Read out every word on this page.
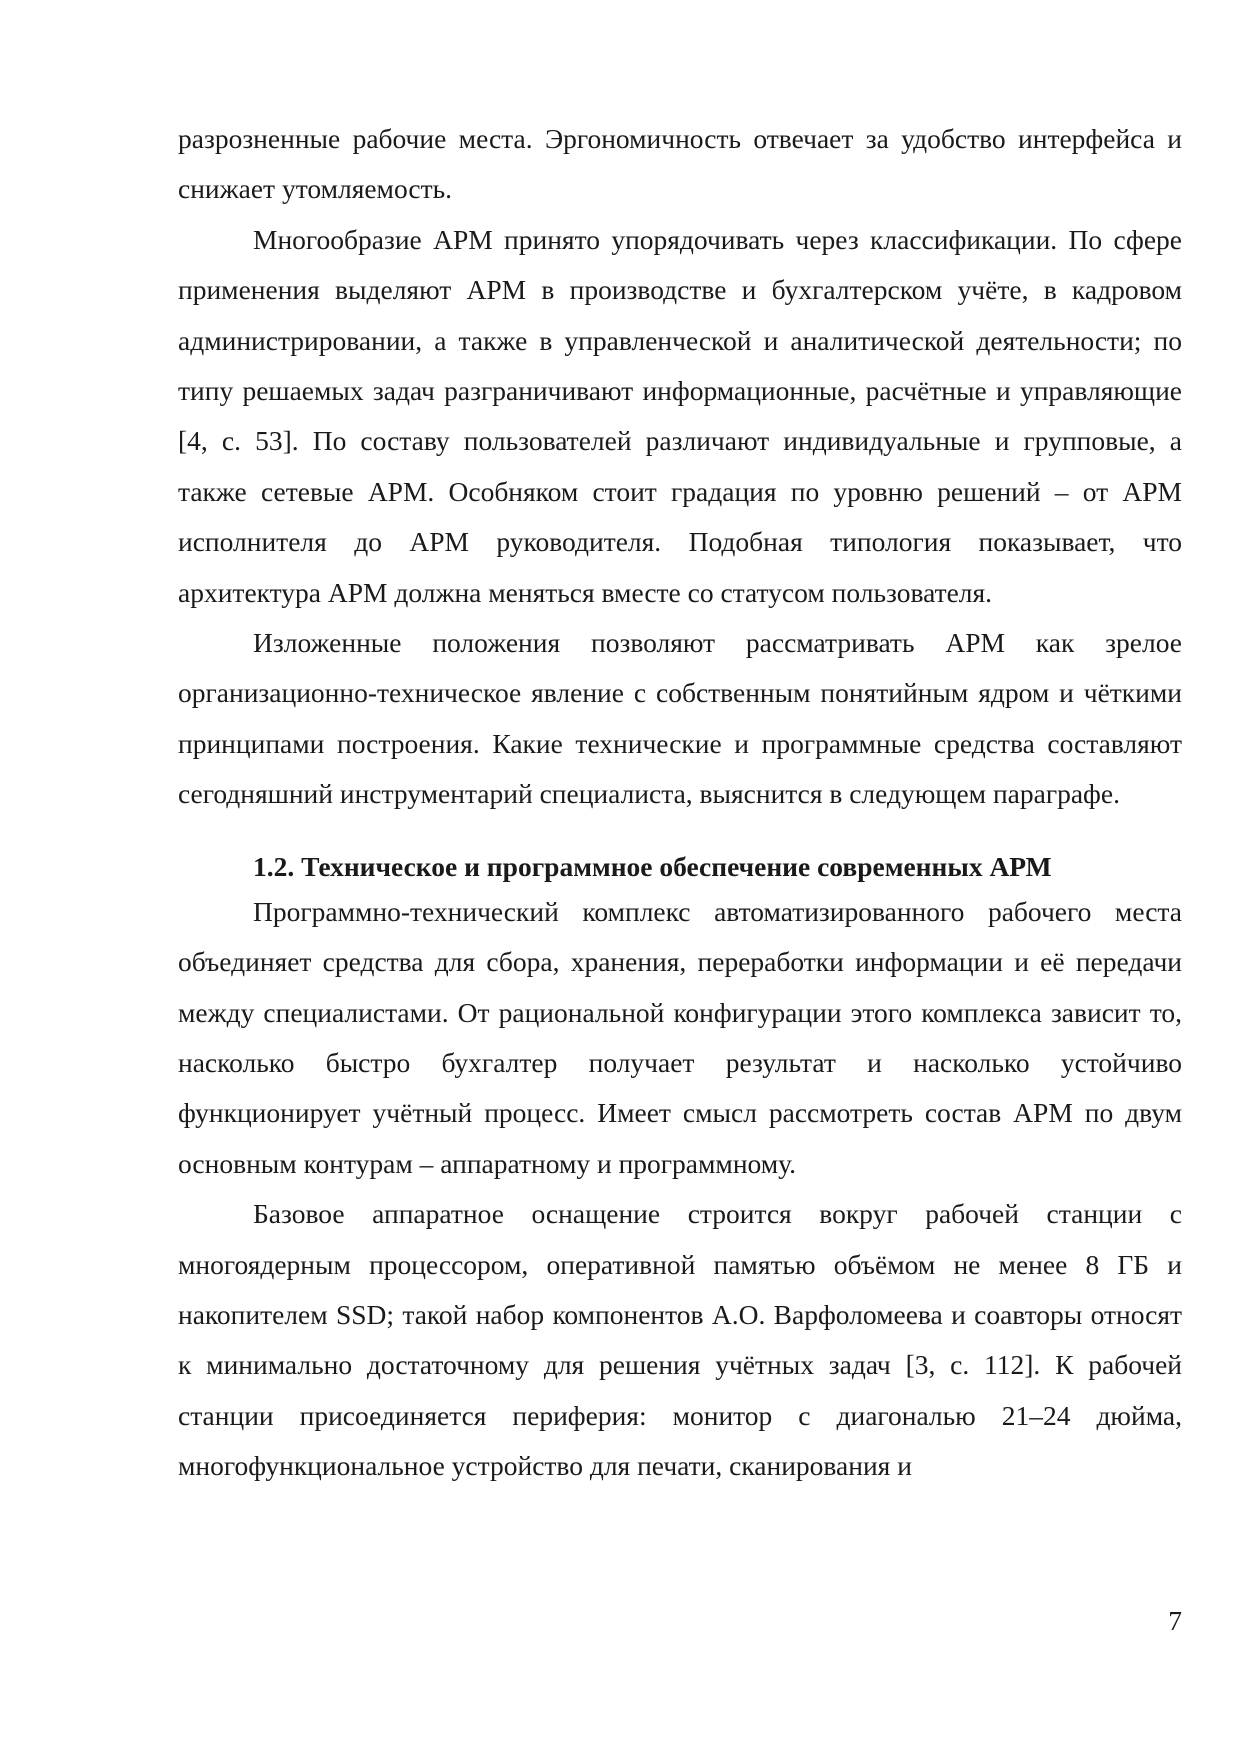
разрозненные рабочие места. Эргономичность отвечает за удобство интерфейса и снижает утомляемость.

Многообразие АРМ принято упорядочивать через классификации. По сфере применения выделяют АРМ в производстве и бухгалтерском учёте, в кадровом администрировании, а также в управленческой и аналитической деятельности; по типу решаемых задач разграничивают информационные, расчётные и управляющие [4, с. 53]. По составу пользователей различают индивидуальные и групповые, а также сетевые АРМ. Особняком стоит градация по уровню решений – от АРМ исполнителя до АРМ руководителя. Подобная типология показывает, что архитектура АРМ должна меняться вместе со статусом пользователя.

Изложенные положения позволяют рассматривать АРМ как зрелое организационно-техническое явление с собственным понятийным ядром и чёткими принципами построения. Какие технические и программные средства составляют сегодняшний инструментарий специалиста, выяснится в следующем параграфе.

1.2. Техническое и программное обеспечение современных АРМ

Программно-технический комплекс автоматизированного рабочего места объединяет средства для сбора, хранения, переработки информации и её передачи между специалистами. От рациональной конфигурации этого комплекса зависит то, насколько быстро бухгалтер получает результат и насколько устойчиво функционирует учётный процесс. Имеет смысл рассмотреть состав АРМ по двум основным контурам – аппаратному и программному.

Базовое аппаратное оснащение строится вокруг рабочей станции с многоядерным процессором, оперативной памятью объёмом не менее 8 ГБ и накопителем SSD; такой набор компонентов А.О. Варфоломеева и соавторы относят к минимально достаточному для решения учётных задач [3, с. 112]. К рабочей станции присоединяется периферия: монитор с диагональю 21–24 дюйма, многофункциональное устройство для печати, сканирования и

7
